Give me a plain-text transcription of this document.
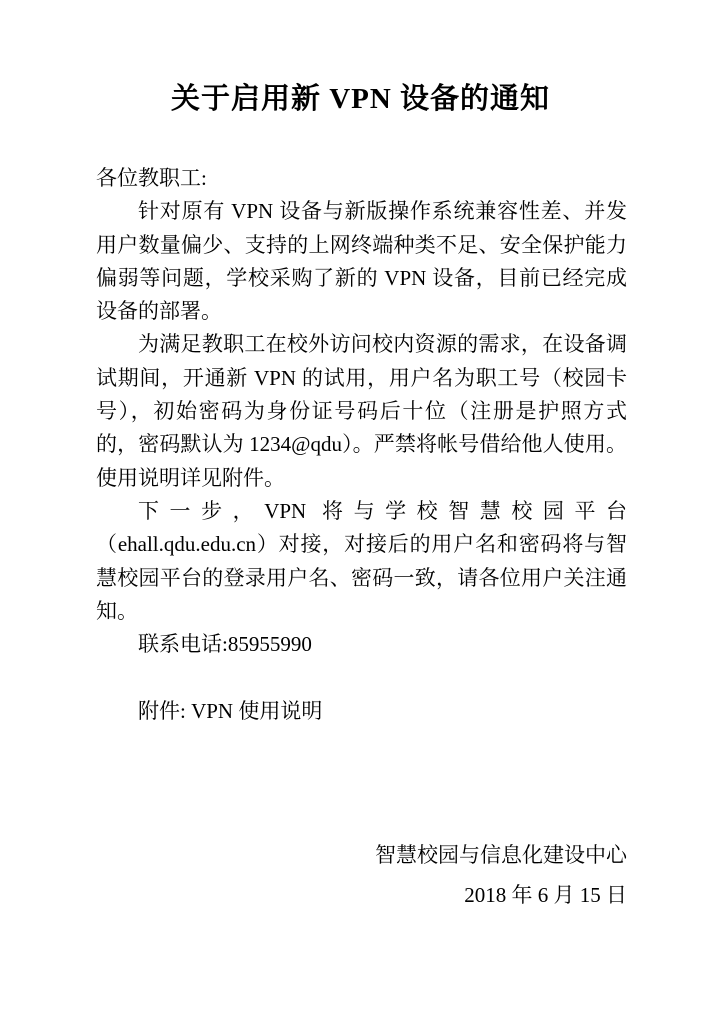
关于启用新 VPN 设备的通知

各位教职工:

针对原有 VPN 设备与新版操作系统兼容性差、并发用户数量偏少、支持的上网终端种类不足、安全保护能力偏弱等问题，学校采购了新的 VPN 设备，目前已经完成设备的部署。

为满足教职工在校外访问校内资源的需求，在设备调试期间，开通新 VPN 的试用，用户名为职工号（校园卡号），初始密码为身份证号码后十位（注册是护照方式的，密码默认为 1234@qdu）。严禁将帐号借给他人使用。使用说明详见附件。

下一步，VPN 将与学校智慧校园平台（ehall.qdu.edu.cn）对接，对接后的用户名和密码将与智慧校园平台的登录用户名、密码一致，请各位用户关注通知。

联系电话:85955990

附件: VPN 使用说明

智慧校园与信息化建设中心

2018 年 6 月 15 日
